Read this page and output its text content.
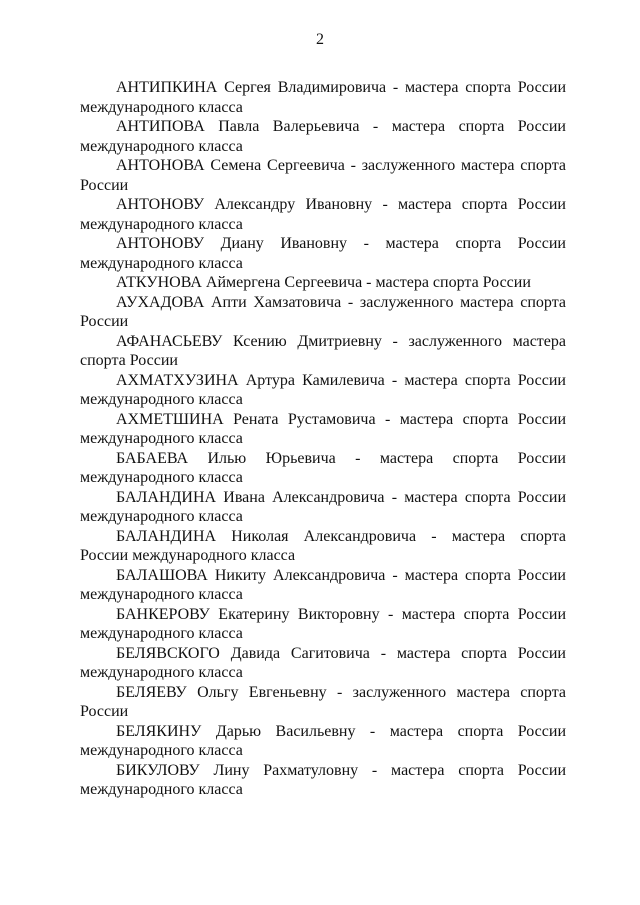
2
АНТИПКИНА Сергея Владимировича - мастера спорта России
международного класса
АНТИПОВА Павла Валерьевича - мастера спорта России
международного класса
АНТОНОВА Семена Сергеевича - заслуженного мастера спорта
России
АНТОНОВУ Александру Ивановну - мастера спорта России
международного класса
АНТОНОВУ Диану Ивановну - мастера спорта России
международного класса
АТКУНОВА Аймергена Сергеевича - мастера спорта России
АУХАДОВА Апти Хамзатовича - заслуженного мастера спорта
России
АФАНАСЬЕВУ Ксению Дмитриевну - заслуженного мастера
спорта России
АХМАТХУЗИНА Артура Камилевича - мастера спорта России
международного класса
АХМЕТШИНА Рената Рустамовича - мастера спорта России
международного класса
БАБАЕВА Илью Юрьевича - мастера спорта России
международного класса
БАЛАНДИНА Ивана Александровича - мастера спорта России
международного класса
БАЛАНДИНА Николая Александровича - мастера спорта
России международного класса
БАЛАШОВА Никиту Александровича - мастера спорта России
международного класса
БАНКЕРОВУ Екатерину Викторовну - мастера спорта России
международного класса
БЕЛЯВСКОГО Давида Сагитовича - мастера спорта России
международного класса
БЕЛЯЕВУ Ольгу Евгеньевну - заслуженного мастера спорта
России
БЕЛЯКИНУ Дарью Васильевну - мастера спорта России
международного класса
БИКУЛОВУ Лину Рахматуловну - мастера спорта России
международного класса
